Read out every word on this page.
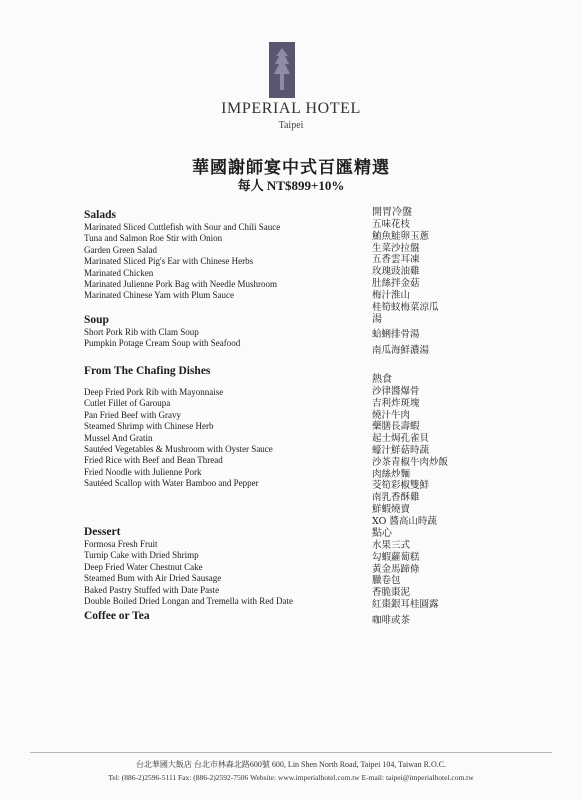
IMPERIAL HOTEL
Taipei
華國謝師宴中式百匯精選
每人 NT$899+10%
Salads
Marinated Sliced Cuttlefish with Sour and Chili Sauce
Tuna and Salmon Roe Stir with Onion
Garden Green Salad
Marinated Sliced Pig's Ear with Chinese Herbs
Marinated Chicken
Marinated Julienne Pork Bag with Needle Mushroom
Marinated Chinese Yam with Plum Sauce
開胃冷盤
五味花枝
鮪魚鮭卵玉蔥
生菜沙拉盤
五香雲耳凍
玫瑰豉油雞
肚絲拌金菇
梅汁淮山
桂筍蚊梅菜涼瓜
Soup
Short Pork Rib with Clam Soup
Pumpkin Potage Cream Soup with Seafood
湯
蛤蜊排骨湯
南瓜海鮮濃湯
From The Chafing Dishes
Deep Fried Pork Rib with Mayonnaise
Cutlet Fillet of Garoupa
Pan Fried Beef with Gravy
Steamed Shrimp with Chinese Herb
Mussel And Gratin
Sautéed Vegetables & Mushroom with Oyster Sauce
Fried Rice with Beef and Bean Thread
Fried Noodle with Julienne Pork
Sautéed Scallop with Water Bamboo and Pepper
熱食
沙律醬爆骨
吉利炸斑塊
燒汁牛肉
藥膳長壽蝦
起士焗孔雀貝
蠔汁鮮菇時蔬
沙茶青椒牛肉炒飯
肉絲炒麵
茭筍彩椒雙鮮
南乳香酥雞
鮮蝦燒賣
XO 醬高山時蔬
Dessert
Formosa Fresh Fruit
Turnip Cake with Dried Shrimp
Deep Fried Water Chestnut Cake
Steamed Bum with Air Dried Sausage
Baked Pastry Stuffed with Date Paste
Double Boiled Dried Longan and Tremella with Red Date
Coffee or Tea
點心
水果三式
勾蝦蘿蔔糕
黃金馬蹄條
臘卷包
香脆棗泥
紅棗銀耳桂圓露
咖啡或茶
台北華國大飯店 台北市林森北路600號 600, Lin Shen North Road, Taipei 104, Taiwan R.O.C.
Tel: (886-2)2596-5111 Fax: (886-2)2592-7506 Website: www.imperialhotel.com.tw E-mail: taipei@imperialhotel.com.tw
